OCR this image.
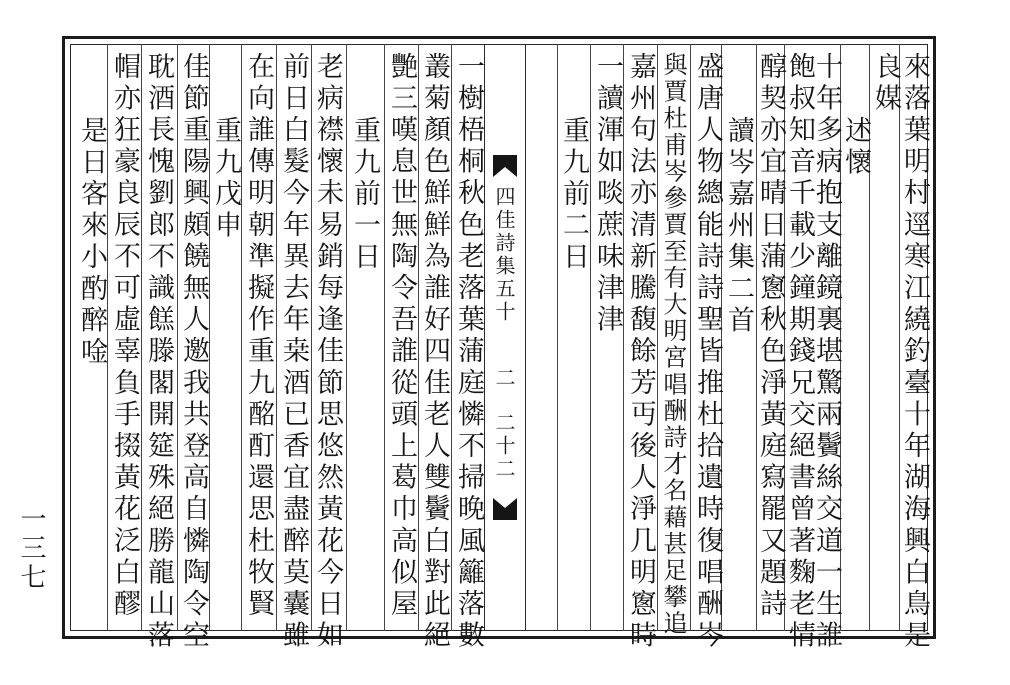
四佳詩集五十
二
二十二	來落葉明村逕寒江繞釣臺十年湖海興白鳥是
良媒
述懷
十年多病抱支離鏡裏堪驚兩鬢絲交道一生誰
飽叔知音千載少鐘期錢兄交絕書曾著麴老情
醇契亦宜晴日蒲窻秋色淨黃庭寫罷又題詩
讀岑嘉州集二首
盛唐人物總能詩詩聖皆推杜拾遺時復唱酬岑
與賈杜甫岑參賈至有大明宮唱酬詩才名藉甚足攀追
嘉州句法亦清新騰馥餘芳丏後人淨几明窻時
一讀渾如啖蔗味津津
重九前二日
一樹梧桐秋色老落葉蒲庭憐不掃晚風籬落數
叢菊顏色鮮鮮為誰好四佳老人雙鬢白對此絕
艷三嘆息世無陶令吾誰從頭上葛巾高似屋
重九前一日
老病襟懷未易銷每逢佳節思悠然黃花今日如
前日白髮今年異去年桒酒已香宜盡醉莫囊雖
在向誰傳明朝準擬作重九酩酊還思杜牧賢
重九戊申
佳節重陽興頗饒無人邀我共登高自憐陶令空
耽酒長愧劉郎不識餻滕閣開筵殊絕勝龍山落
帽亦狂豪良辰不可虛辜負手掇黃花泛白醪
是日客來小酌醉唫
一三七
